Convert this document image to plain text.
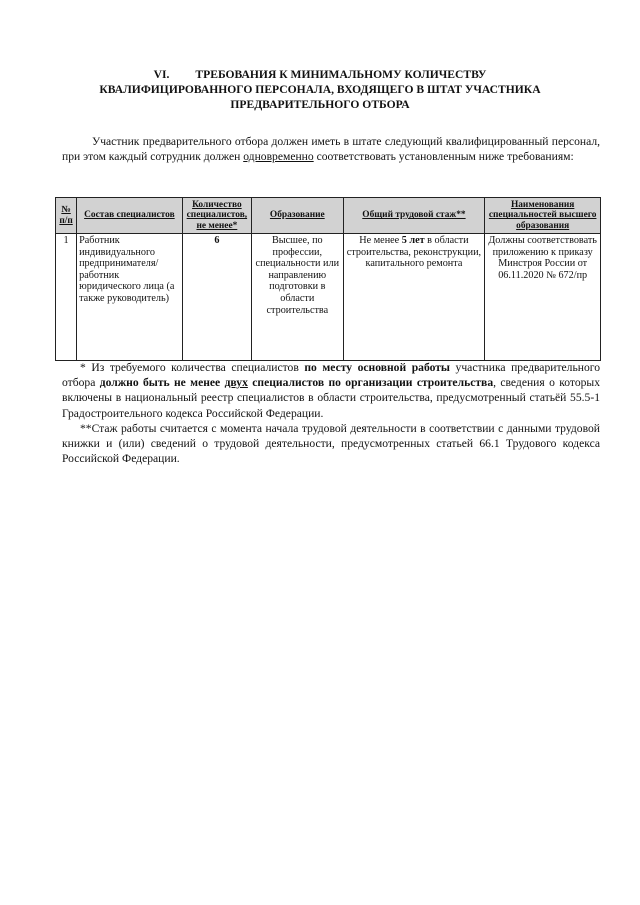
VI. ТРЕБОВАНИЯ К МИНИМАЛЬНОМУ КОЛИЧЕСТВУ
КВАЛИФИЦИРОВАННОГО ПЕРСОНАЛА, ВХОДЯЩЕГО В ШТАТ УЧАСТНИКА
ПРЕДВАРИТЕЛЬНОГО ОТБОРА
Участник предварительного отбора должен иметь в штате следующий квалифицированный персонал, при этом каждый сотрудник должен одновременно соответствовать установленным ниже требованиям:
№ п/п	Состав специалистов	Количество специалистов, не менее*	Образование	Общий трудовой стаж**	Наименования специальностей высшего образования
1	Работник индивидуального предпринимателя/ работник юридического лица (а также руководитель)	6	Высшее, по профессии, специальности или направлению подготовки в области строительства	Не менее 5 лет в области строительства, реконструкции, капитального ремонта	Должны соответствовать приложению к приказу Минстроя России от 06.11.2020 № 672/пр

* Из требуемого количества специалистов по месту основной работы участника предварительного отбора должно быть не менее двух специалистов по организации строительства, сведения о которых включены в национальный реестр специалистов в области строительства, предусмотренный статьёй 55.5-1 Градостроительного кодекса Российской Федерации.

**Стаж работы считается с момента начала трудовой деятельности в соответствии с данными трудовой книжки и (или) сведений о трудовой деятельности, предусмотренных статьей 66.1 Трудового кодекса Российской Федерации.
